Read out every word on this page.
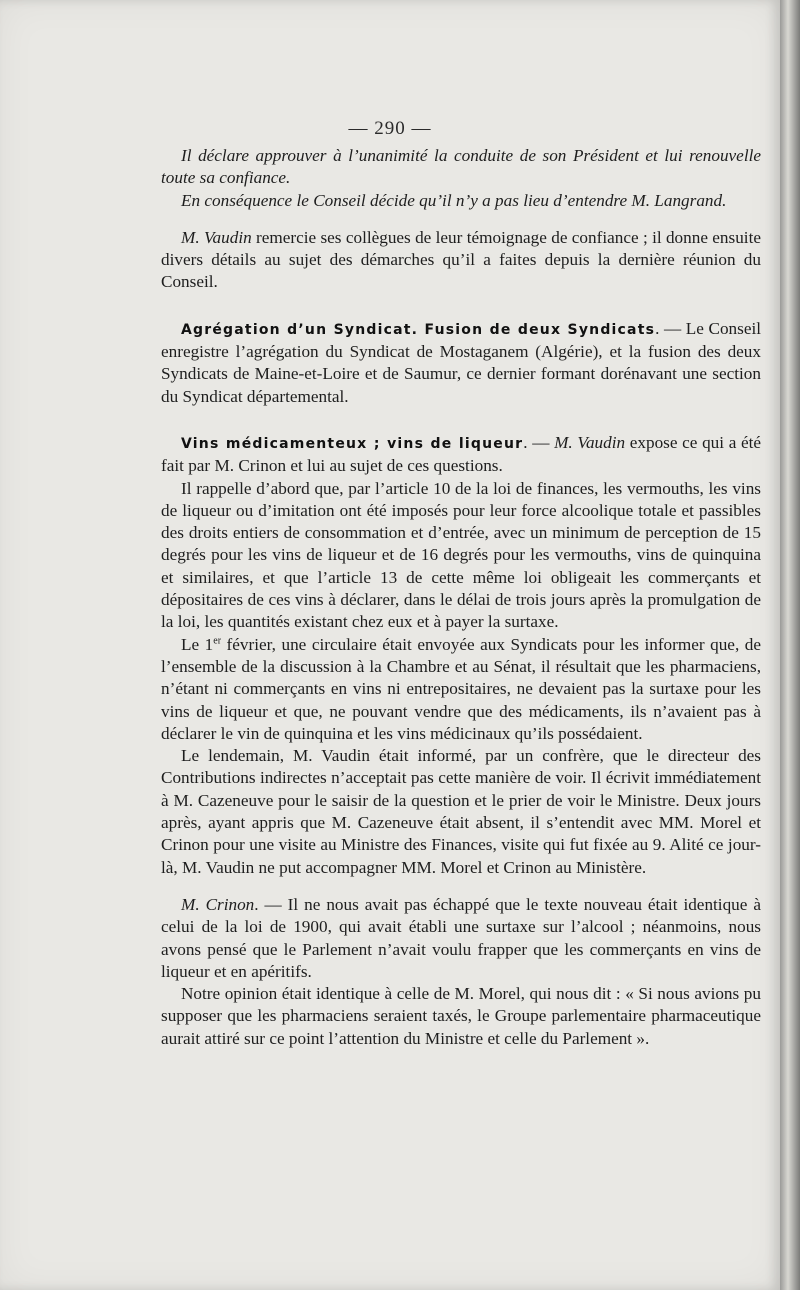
— 290 —

Il déclare approuver à l’unanimité la conduite de son Président et lui renouvelle toute sa confiance.

En conséquence le Conseil décide qu’il n’y a pas lieu d’entendre M. Langrand.

M. Vaudin remercie ses collègues de leur témoignage de confiance ; il donne ensuite divers détails au sujet des démarches qu’il a faites depuis la dernière réunion du Conseil.

Agrégation d’un Syndicat. Fusion de deux Syndicats. — Le Conseil enregistre l’agrégation du Syndicat de Mostaganem (Algérie), et la fusion des deux Syndicats de Maine-et-Loire et de Saumur, ce dernier formant dorénavant une section du Syndicat départemental.

Vins médicamenteux ; vins de liqueur. — M. Vaudin expose ce qui a été fait par M. Crinon et lui au sujet de ces questions.

Il rappelle d’abord que, par l’article 10 de la loi de finances, les vermouths, les vins de liqueur ou d’imitation ont été imposés pour leur force alcoolique totale et passibles des droits entiers de consommation et d’entrée, avec un minimum de perception de 15 degrés pour les vins de liqueur et de 16 degrés pour les vermouths, vins de quinquina et similaires, et que l’article 13 de cette même loi obligeait les commerçants et dépositaires de ces vins à déclarer, dans le délai de trois jours après la promulgation de la loi, les quantités existant chez eux et à payer la surtaxe.

Le 1er février, une circulaire était envoyée aux Syndicats pour les informer que, de l’ensemble de la discussion à la Chambre et au Sénat, il résultait que les pharmaciens, n’étant ni commerçants en vins ni entrepositaires, ne devaient pas la surtaxe pour les vins de liqueur et que, ne pouvant vendre que des médicaments, ils n’avaient pas à déclarer le vin de quinquina et les vins médicinaux qu’ils possédaient.

Le lendemain, M. Vaudin était informé, par un confrère, que le directeur des Contributions indirectes n’acceptait pas cette manière de voir. Il écrivit immédiatement à M. Cazeneuve pour le saisir de la question et le prier de voir le Ministre. Deux jours après, ayant appris que M. Cazeneuve était absent, il s’entendit avec MM. Morel et Crinon pour une visite au Ministre des Finances, visite qui fut fixée au 9. Alité ce jour-là, M. Vaudin ne put accompagner MM. Morel et Crinon au Ministère.

M. Crinon. — Il ne nous avait pas échappé que le texte nouveau était identique à celui de la loi de 1900, qui avait établi une surtaxe sur l’alcool ; néanmoins, nous avons pensé que le Parlement n’avait voulu frapper que les commerçants en vins de liqueur et en apéritifs.

Notre opinion était identique à celle de M. Morel, qui nous dit : « Si nous avions pu supposer que les pharmaciens seraient taxés, le Groupe parlementaire pharmaceutique aurait attiré sur ce point l’attention du Ministre et celle du Parlement ».
